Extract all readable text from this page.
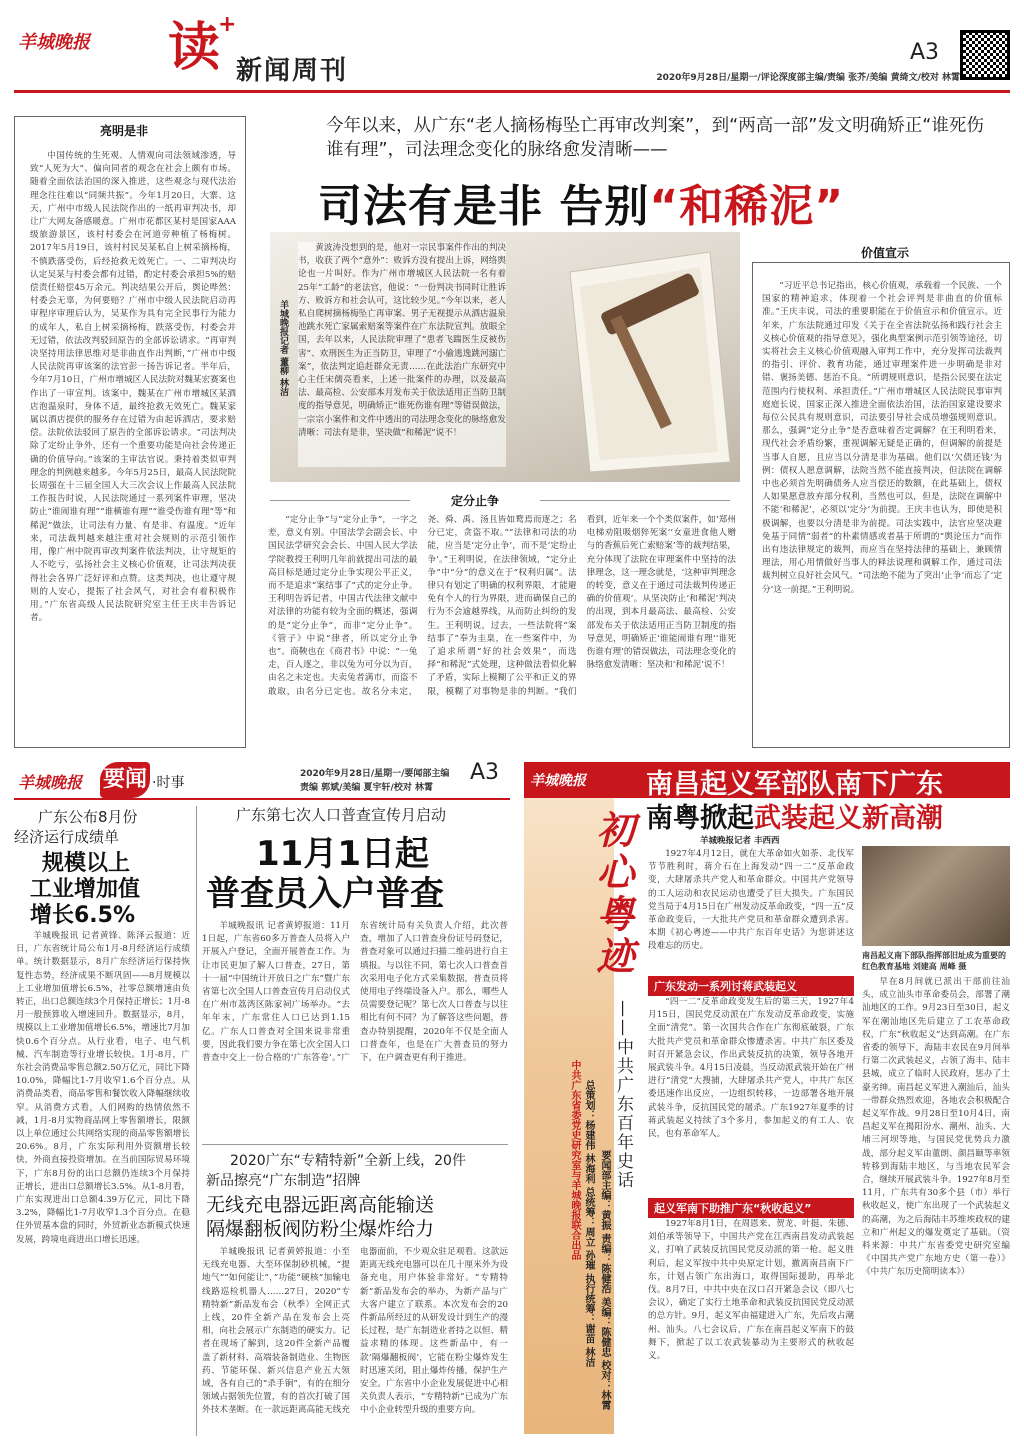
羊城晚报 读
+
新闻周刊
A3
2020年9月28日/星期一/评论深度部主编/责编 张芥/美编 黄绮文/校对 林霄
亮明是非
中国传统的生死观、人情观向司法领域渗透，导致“人死为大”、偏向同者的观念在社会上颇有市场。随着全面依法治国的深入推进，这些观念与现代法治理念往往难以“同频共振”。今年1月20日，大寨、这天，广州中市级人民法院作出的一纸再审判决书，却让广大网友备感暖意。广州市花都区某村是国家AAA级旅游景区，该村村委会在河道旁种植了杨梅树。2017年5月19日，该村村民吴某私自上树采摘杨梅，不慎跌落受伤，后经抢救无效死亡。一、二审判决均认定吴某与村委会都有过错，酌定村委会承担5%的赔偿责任赔偿45万余元。判决结果公开后，舆论哗然：村委会无辜，为何要赔？广州市中级人民法院启动再审程序审理后认为，吴某作为具有完全民事行为能力的成年人，私自上树采摘杨梅，跌落受伤，村委会并无过错，依法改判驳回原告的全部诉讼请求。“再审判决坚持用法律思维对是非曲直作出判断，”广州市中级人民法院再审该案的法官彭一扬告诉记者。半年后，今年7月10日，广州市增城区人民法院对魏某宏赛案也作出了一审宣判。该案中，魏某在广州市增城区某酒店泡温泉时，身体不适，最终抢救无效死亡。魏某家属以酒店提供的服务存在过错为由起诉酒店，要求赔偿。法院依法驳回了原告的全部诉讼请求。“司法判决除了定纷止争外，还有一个重要功能是向社会传递正确的价值导向。”该案的主审法官说。秉持着类似审判理念的判例越来越多。今年5月25日，最高人民法院院长周强在十三届全国人大三次会议上作最高人民法院工作报告时说，人民法院通过一系列案件审理，坚决防止“谁闹谁有理”“谁横谁有理”“谁受伤谁有理”等“和稀泥”做法，让司法有力量、有是非、有温度。“近年来，司法裁判越来越注重对社会规则的示范引领作用，像广州中院再审改判案件依法判决，让守规矩的人不吃亏，弘扬社会主义核心价值观，让司法判决获得社会各界广泛好评和点赞。这类判决，也让遵守规则的人安心，提振了社会风气，对社会有着积极作用。”广东省高级人民法院研究室主任王庆丰告诉记者。
今年以来，从广东“老人摘杨梅坠亡再审改判案”，到“两高一部”发文明确矫正“谁死伤谁有理”，司法理念变化的脉络愈发清晰——
司法有是非 告别“和稀泥”
羊城晚报记者 董柳 林洁
黄波涛没想到的是，他对一宗民事案件作出的判决书，收获了两个“意外”：败诉方没有提出上诉，网络舆论也一片叫好。作为广州市增城区人民法院一名有着25年“工龄”的老法官，他说：“一份判决书同时让胜诉方、败诉方和社会认可，这比较少见。”今年以来，老人私自爬树摘杨梅坠亡再审案、男子无视提示从酒店温泉池跳水死亡家属索赔案等案件在广东法院宣判。放眼全国，去年以来，人民法院审理了“患者飞踹医生反被伤害”、欢刑医生为正当防卫，审理了“小偷逃逸跳河溺亡案”，依法判定追赶群众无责……在此法治广东研究中心主任宋儒亮看来，上述一批案件的办理，以及最高法、最高检、公安部本月发布关于依法适用正当防卫制度的指导意见，明确矫正“谁死伤谁有理”等错误做法，一宗宗小案件和文件中透出的司法理念变化的脉络愈发清晰：司法有是非，坚决做“和稀泥”说不！
定分止争
“定分止争”与“定分止争”，一字之差，意义有别。中国法学会副会长、中国民法学研究会会长、中国人民大学法学院教授王利明几年前就提出司法的最高目标是通过定分止争实现公平正义，而不是追求“案结事了”式的定分止争。王利明告诉记者，中国古代法律文献中对法律的功能有较为全面的概述，强调的是“定分止争”，而非“定分止争”。《管子》中说“律者，所以定分止争也”。商鞅也在《商君书》中说：“一兔走，百人逐之，非以兔为可分以为百，由名之未定也。夫卖兔者满市，而盗不敢取，由名分已定也。故名分未定，尧、舜、禹、汤且皆如鹜焉而逐之；名分已定，贪盗不取。”“法律和司法的功能，应当是‘定分止争’，而不是‘定纷止争’。”王利明说，在法律领域，“定分止争”中“分”的意义在于“权利归属”。法律只有划定了明确的权利界限，才能避免有个人的行为界限，进而确保自己的行为不会逾越界线，从而防止纠纷的发生。王利明说，过去，一些法院将“案结事了”奉为圭臬，在一些案件中，为了追求所谓“好的社会效果”，而选择“和稀泥”式处理，这种做法看似化解了矛盾，实际上模糊了公平和正义的界限，模糊了对事物是非的判断。“我们看到，近年来一个个类似案件，如‘郑州电梯劝阻吸烟猝死案’‘女童进食他人赠与的香蕉后死亡索赔案’等的裁判结果，充分体现了法院在审理案件中坚持的法律理念，这一理念就是，‘这种审判理念的转变，意义在于通过司法裁判传递正确的价值观’。从坚决防止‘和稀泥’判决的出现，到本月最高法、最高检、公安部发布关于依法适用正当防卫制度的指导意见，明确矫正‘谁能闹谁有理’‘谁死伤谁有理’的错误做法，司法理念变化的脉络愈发清晰：坚决和‘和稀泥’说不！
价值宣示
“习近平总书记指出，核心价值观，承载着一个民族、一个国家的精神追求，体现着一个社会评判是非曲直的价值标准。”王庆丰说，司法的重要职能在于价值宣示和价值宣示。近年来，广东法院通过印发《关于在全省法院弘扬和践行社会主义核心价值观的指导意见》，强化典型案例示范引领等途径，切实将社会主义核心价值观融入审判工作中，充分发挥司法裁判的指引、评价、教育功能，通过审理案件进一步明确是非对错、褒扬美德、惩治不良。“所谓规则意识，是指公民要在法定范围内行使权利、承担责任。”广州市增城区人民法院民事审判庭庭长说，国家正深入推进全面依法治国，法治国家建设要求每位公民具有规则意识，司法要引导社会成员增强规则意识。那么，强调“定分止争”是否意味着否定调解？在王利明看来，现代社会矛盾纷繁，重视调解无疑是正确的，但调解的前提是当事人自愿，且应当以分清是非为基础。他们以‘欠债还钱’为例：债权人愿意调解，法院当然不能直接判决，但法院在调解中也必须首先明确债务人应当偿还的数额，在此基础上，债权人如果愿意放弃部分权利，当然也可以，但是，法院在调解中不能‘和稀泥’，必须以‘定分’为前提。王庆丰也认为，即使是积极调解，也要以分清是非为前提。司法实践中，法官应坚决避免基于同情“弱者”的朴素情感或者基于所谓的“舆论压力”而作出有违法律规定的裁判，而应当在坚持法律的基础上，兼顾情理法，用心用情做好当事人的释法说理和调解工作，通过司法裁判树立良好社会风气。“司法绝不能为了突出‘止争’而忘了‘定分’这一前提。”王利明说。
羊城晚报 要闻 ·时事
2020年9月28日/星期一/要闻部主编
责编 郭斌/美编 夏宇轩/校对 林霄
A3
广东公布8月份
经济运行成绩单
规模以上
工业增加值
增长6.5%
羊城晚报讯 记者黄锋、陈泽云报道：近日，广东省统计局公布1月-8月经济运行成绩单。统计数据显示，8月广东经济运行保持恢复性态势，经济成果不断巩固——8月规模以上工业增加值增长6.5%，社零总额增速由负转正，出口总额连续3个月保持正增长；1月-8月一般预算收入增速回升。数据显示，8月，规模以上工业增加值增长6.5%，增速比7月加快0.6个百分点。从行业看，电子、电气机械、汽车制造等行业增长较快。1月-8月，广东社会消费品零售总额2.50万亿元，同比下降10.0%，降幅比1-7月收窄1.6个百分点。从消费品类看，商品零售和餐饮收入降幅继续收窄。从消费方式看，人们网购的热情依然不减，1月-8月实物商品网上零售额增长，限额以上单位通过公共网络实现的商品零售额增长20.6%。8月，广东实际利用外资额增长较快，外商直接投资增加。在当前国际贸易环境下，广东8月份的出口总额仍连续3个月保持正增长，进出口总额增长3.5%。从1-8月看，广东实现进出口总额4.39万亿元，同比下降3.2%，降幅比1-7月收窄1.3个百分点。在稳住外贸基本盘的同时，外贸新业态新模式快速发展，跨境电商进出口增长迅速。
广东第七次人口普查宣传月启动
11月1日起
普查员入户普查
羊城晚报讯 记者黄婷报道：11月1日起，广东省60多万普查人员将入户开展入户登记，全面开展普查工作。为让市民更加了解人口普查，27日，第十一届“中国统计开放日之广东”暨广东省第七次全国人口普查宣传月启动仪式在广州市荔湾区陈家祠广场举办。“去年年末，广东常住人口已达到1.15亿。广东人口普查对全国来说非常重要，因此我们要力争在第七次全国人口普查中交上一份合格的‘广东答卷’。”广东省统计局有关负责人介绍，此次普查，增加了人口普查身份证号码登记，普查对象可以通过扫描二维码进行自主填报。与以往不同，第七次人口普查首次采用电子化方式采集数据，普查员将使用电子终端设备入户。那么，哪些人员需要登记呢？第七次人口普查与以往相比有何不同？为了解答这些问题，普查办特别提醒，2020年不仅是全面人口普查年，也是在广大普查员的努力下，在户调查更有利于推进。
2020广东“专精特新”全新上线，20件
新品擦亮“广东制造”招牌
无线充电器远距离高能输送
隔爆翻板阀防粉尘爆炸给力
羊城晚报讯 记者黄婷报道：小至无线充电器、大至环保制砂机械，“提地气”“如何能让”，”功能“硬核”加输电线路巡检机器人……27日，2020“专精特新”新品发布会（秋季）全网正式上线，20件全新产品在发布会上亮相，向社会展示广东制造的硬实力。记者在现场了解到，这20件全新产品覆盖了新材料、高端装备制造业、生物医药、节能环保、新兴信息产业五大领域，各有自己的“杀手锏”，有的在细分领域占据领先位置，有的首次打破了国外技术垄断。在一款远距离高能无线充电器面前，不少观众驻足观看。这款远距离无线充电器可以在几十厘米外为设备充电，用户体验非常好。“专精特新”新品发布会的举办，为新产品与广大客户建立了联系。本次发布会的20件新品所经过的从研发设计到生产的漫长过程，是广东制造业者持之以恒、精益求精的体现。这些新品中，有一款‘隔爆翻板阀’，它能在粉尘爆炸发生时迅速关闭，阻止爆炸传播，保护生产安全。广东省中小企业发展促进中心相关负责人表示，“专精特新”已成为广东中小企业转型升级的重要方向。
羊城晚报
初心粤迹
——中共广东百年史话
中共广东省委党史研究室与羊城晚报联合出品 总策划：杨建伟 林海利 总统筹：周立 孙璀 执行统筹：谢苗 林洁 要闻部主编：黄振 责编：陈健浩 美编：陈健忠 校对：林霄
南昌起义军部队南下广东
南粤掀起武装起义新高潮
羊城晚报记者 丰西西
1927年4月12日，就在大革命如火如荼、北伐军节节胜利时，蒋介石在上海发动“四一二”反革命政变，大肆屠杀共产党人和革命群众。中国共产党领导的工人运动和农民运动也遭受了巨大损失。广东国民党当局于4月15日在广州发动反革命政变，“四一五”反革命政变后，一大批共产党员和革命群众遭到杀害。本期《初心粤迹——中共广东百年史话》为您讲述这段难忘的历史。
南昌起义南下部队指挥部旧址成为重要的红色教育基地 刘建高 周峰 摄
广东发动一系列讨蒋武装起义
“四一二”反革命政变发生后的第三天，1927年4月15日，国民党反动派在广东发动反革命政变，实施全面“清党”。第一次国共合作在广东彻底破裂，广东大批共产党员和革命群众惨遭杀害。中共广东区委及时召开紧急会议，作出武装反抗的决策，领导各地开展武装斗争。4月15日凌晨，当反动派武装开始在广州进行“清党”大搜捕，大肆屠杀共产党人，中共广东区委迅速作出反应，一边组织转移，一边部署各地开展武装斗争，反抗国民党的屠杀。广东1927年夏季的讨蒋武装起义持续了3个多月，参加起义的有工人、农民，也有革命军人。
起义军南下助推广东“秋收起义”
1927年8月1日，在周恩来、贺龙、叶挺、朱德、刘伯承等领导下，中国共产党在江西南昌发动武装起义，打响了武装反抗国民党反动派的第一枪。起义胜利后，起义军按中共中央原定计划，撤离南昌南下广东，计划占领广东出海口，取得国际援助，再举北伐。8月7日，中共中央在汉口召开紧急会议（即八七会议），确定了实行土地革命和武装反抗国民党反动派的总方针。9月，起义军由福建进入广东，先后攻占潮州、汕头。八七会议后，广东在南昌起义军南下的鼓舞下，掀起了以工农武装暴动为主要形式的秋收起义。
早在8月间就已派出干部前往汕头，成立汕头市革命委员会，部署了潮汕地区的工作。9月23日至30日，起义军在潮汕地区先后建立了工农革命政权，广东“秋收起义”达到高潮。在广东省委的领导下，海陆丰农民在9月间举行第二次武装起义，占领了海丰、陆丰县城，成立了临时人民政府，惩办了土豪劣绅。南昌起义军进入潮汕后，汕头一带群众热烈欢迎，各地农会积极配合起义军作战。9月28日至10月4日，南昌起义军在揭阳汾水、潮州、汕头、大埔三河坝等地，与国民党优势兵力激战，部分起义军由董朗、颜昌颐等率领转移到海陆丰地区，与当地农民军会合，继续开展武装斗争。1927年8月至11月，广东共有30多个县（市）举行秋收起义，使广东出现了一个武装起义的高潮，为之后海陆丰苏维埃政权的建立和广州起义的爆发奠定了基础。（资料来源：中共广东省委党史研究室编《中国共产党广东地方史（第一卷）》《中共广东历史简明读本》）
